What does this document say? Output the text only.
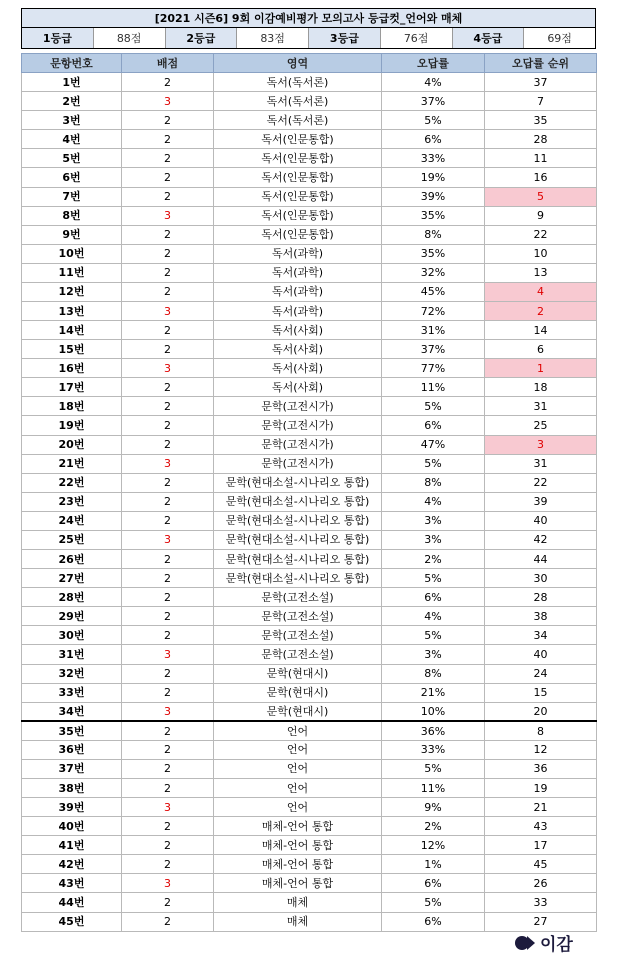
[2021 시즌6] 9회 이감예비평가 모의고사 등급컷_언어와 매체
1등급	88점	2등급	83점	3등급	76점	4등급	69점
문항번호	배점	영역	오답률	오답률 순위
1번	2	독서(독서론)	4%	37
2번	3	독서(독서론)	37%	7
3번	2	독서(독서론)	5%	35
4번	2	독서(인문통합)	6%	28
5번	2	독서(인문통합)	33%	11
6번	2	독서(인문통합)	19%	16
7번	2	독서(인문통합)	39%	5
8번	3	독서(인문통합)	35%	9
9번	2	독서(인문통합)	8%	22
10번	2	독서(과학)	35%	10
11번	2	독서(과학)	32%	13
12번	2	독서(과학)	45%	4
13번	3	독서(과학)	72%	2
14번	2	독서(사회)	31%	14
15번	2	독서(사회)	37%	6
16번	3	독서(사회)	77%	1
17번	2	독서(사회)	11%	18
18번	2	문학(고전시가)	5%	31
19번	2	문학(고전시가)	6%	25
20번	2	문학(고전시가)	47%	3
21번	3	문학(고전시가)	5%	31
22번	2	문학(현대소설-시나리오 통합)	8%	22
23번	2	문학(현대소설-시나리오 통합)	4%	39
24번	2	문학(현대소설-시나리오 통합)	3%	40
25번	3	문학(현대소설-시나리오 통합)	3%	42
26번	2	문학(현대소설-시나리오 통합)	2%	44
27번	2	문학(현대소설-시나리오 통합)	5%	30
28번	2	문학(고전소설)	6%	28
29번	2	문학(고전소설)	4%	38
30번	2	문학(고전소설)	5%	34
31번	3	문학(고전소설)	3%	40
32번	2	문학(현대시)	8%	24
33번	2	문학(현대시)	21%	15
34번	3	문학(현대시)	10%	20
35번	2	언어	36%	8
36번	2	언어	33%	12
37번	2	언어	5%	36
38번	2	언어	11%	19
39번	3	언어	9%	21
40번	2	매체-언어 통합	2%	43
41번	2	매체-언어 통합	12%	17
42번	2	매체-언어 통합	1%	45
43번	3	매체-언어 통합	6%	26
44번	2	매체	5%	33
45번	2	매체	6%	27
이감
